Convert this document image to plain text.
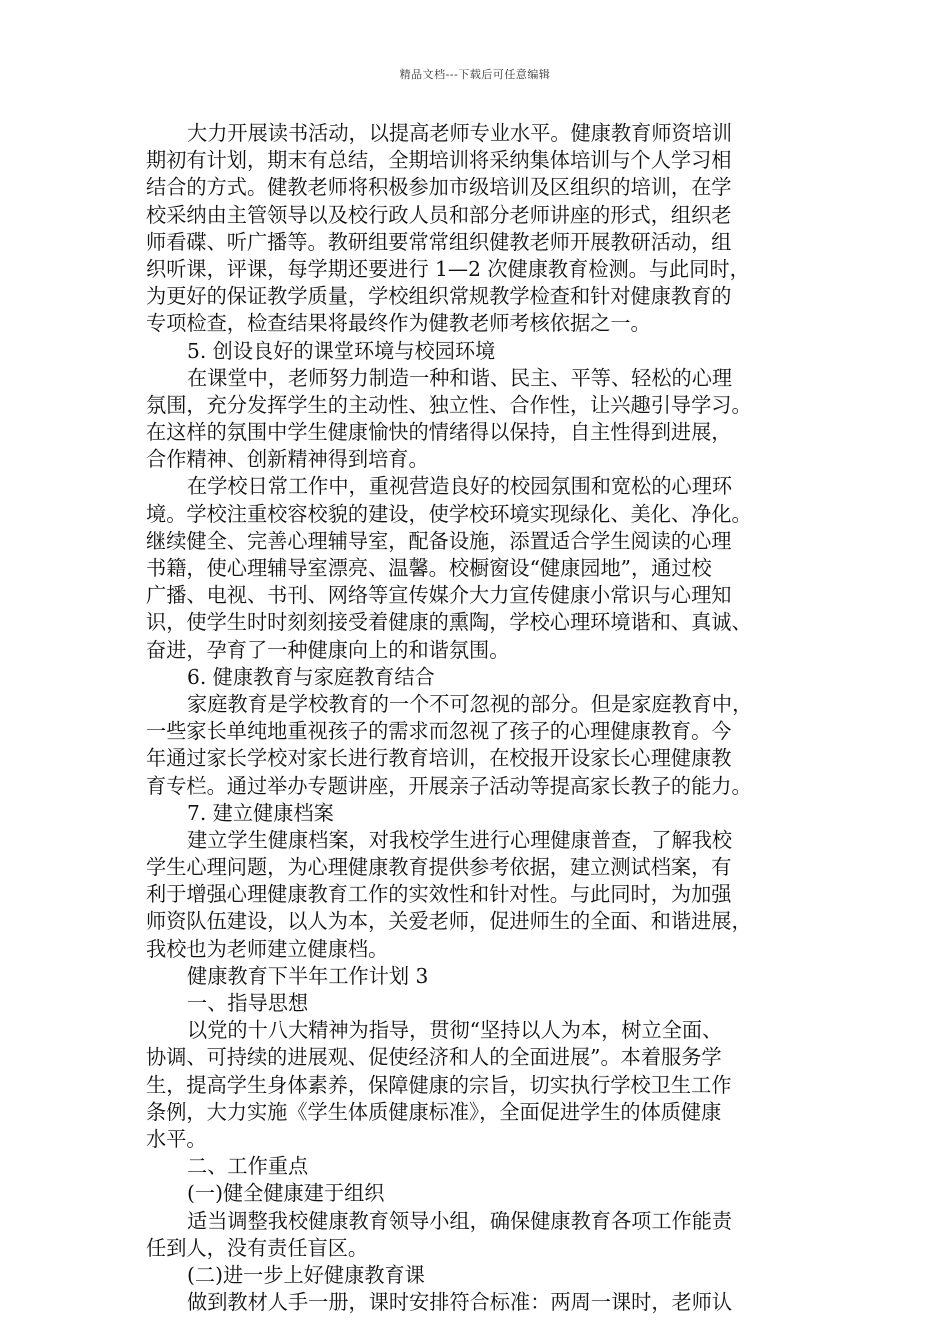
精品文档---下载后可任意编辑
大力开展读书活动，以提高老师专业水平。健康教育师资培训
期初有计划，期末有总结，全期培训将采纳集体培训与个人学习相
结合的方式。健教老师将积极参加市级培训及区组织的培训，在学
校采纳由主管领导以及校行政人员和部分老师讲座的形式，组织老
师看碟、听广播等。教研组要常常组织健教老师开展教研活动，组
织听课，评课，每学期还要进行 1—2 次健康教育检测。与此同时，
为更好的保证教学质量，学校组织常规教学检查和针对健康教育的
专项检查，检查结果将最终作为健教老师考核依据之一。
5. 创设良好的课堂环境与校园环境
在课堂中，老师努力制造一种和谐、民主、平等、轻松的心理
氛围，充分发挥学生的主动性、独立性、合作性，让兴趣引导学习。
在这样的氛围中学生健康愉快的情绪得以保持，自主性得到进展，
合作精神、创新精神得到培育。
在学校日常工作中，重视营造良好的校园氛围和宽松的心理环
境。学校注重校容校貌的建设，使学校环境实现绿化、美化、净化。
继续健全、完善心理辅导室，配备设施，添置适合学生阅读的心理
书籍，使心理辅导室漂亮、温馨。校橱窗设“健康园地”，通过校
广播、电视、书刊、网络等宣传媒介大力宣传健康小常识与心理知
识，使学生时时刻刻接受着健康的熏陶，学校心理环境谐和、真诚、
奋进，孕育了一种健康向上的和谐氛围。
6. 健康教育与家庭教育结合
家庭教育是学校教育的一个不可忽视的部分。但是家庭教育中，
一些家长单纯地重视孩子的需求而忽视了孩子的心理健康教育。今
年通过家长学校对家长进行教育培训，在校报开设家长心理健康教
育专栏。通过举办专题讲座，开展亲子活动等提高家长教子的能力。
7. 建立健康档案
建立学生健康档案，对我校学生进行心理健康普查，了解我校
学生心理问题，为心理健康教育提供参考依据，建立测试档案，有
利于增强心理健康教育工作的实效性和针对性。与此同时，为加强
师资队伍建设，以人为本，关爱老师，促进师生的全面、和谐进展，
我校也为老师建立健康档。
健康教育下半年工作计划 3
一、指导思想
以党的十八大精神为指导，贯彻“坚持以人为本，树立全面、
协调、可持续的进展观、促使经济和人的全面进展”。本着服务学
生，提高学生身体素养，保障健康的宗旨，切实执行学校卫生工作
条例，大力实施《学生体质健康标准》，全面促进学生的体质健康
水平。
二、工作重点
(一)健全健康建于组织
适当调整我校健康教育领导小组，确保健康教育各项工作能责
任到人，没有责任盲区。
(二)进一步上好健康教育课
做到教材人手一册，课时安排符合标准：两周一课时，老师认
